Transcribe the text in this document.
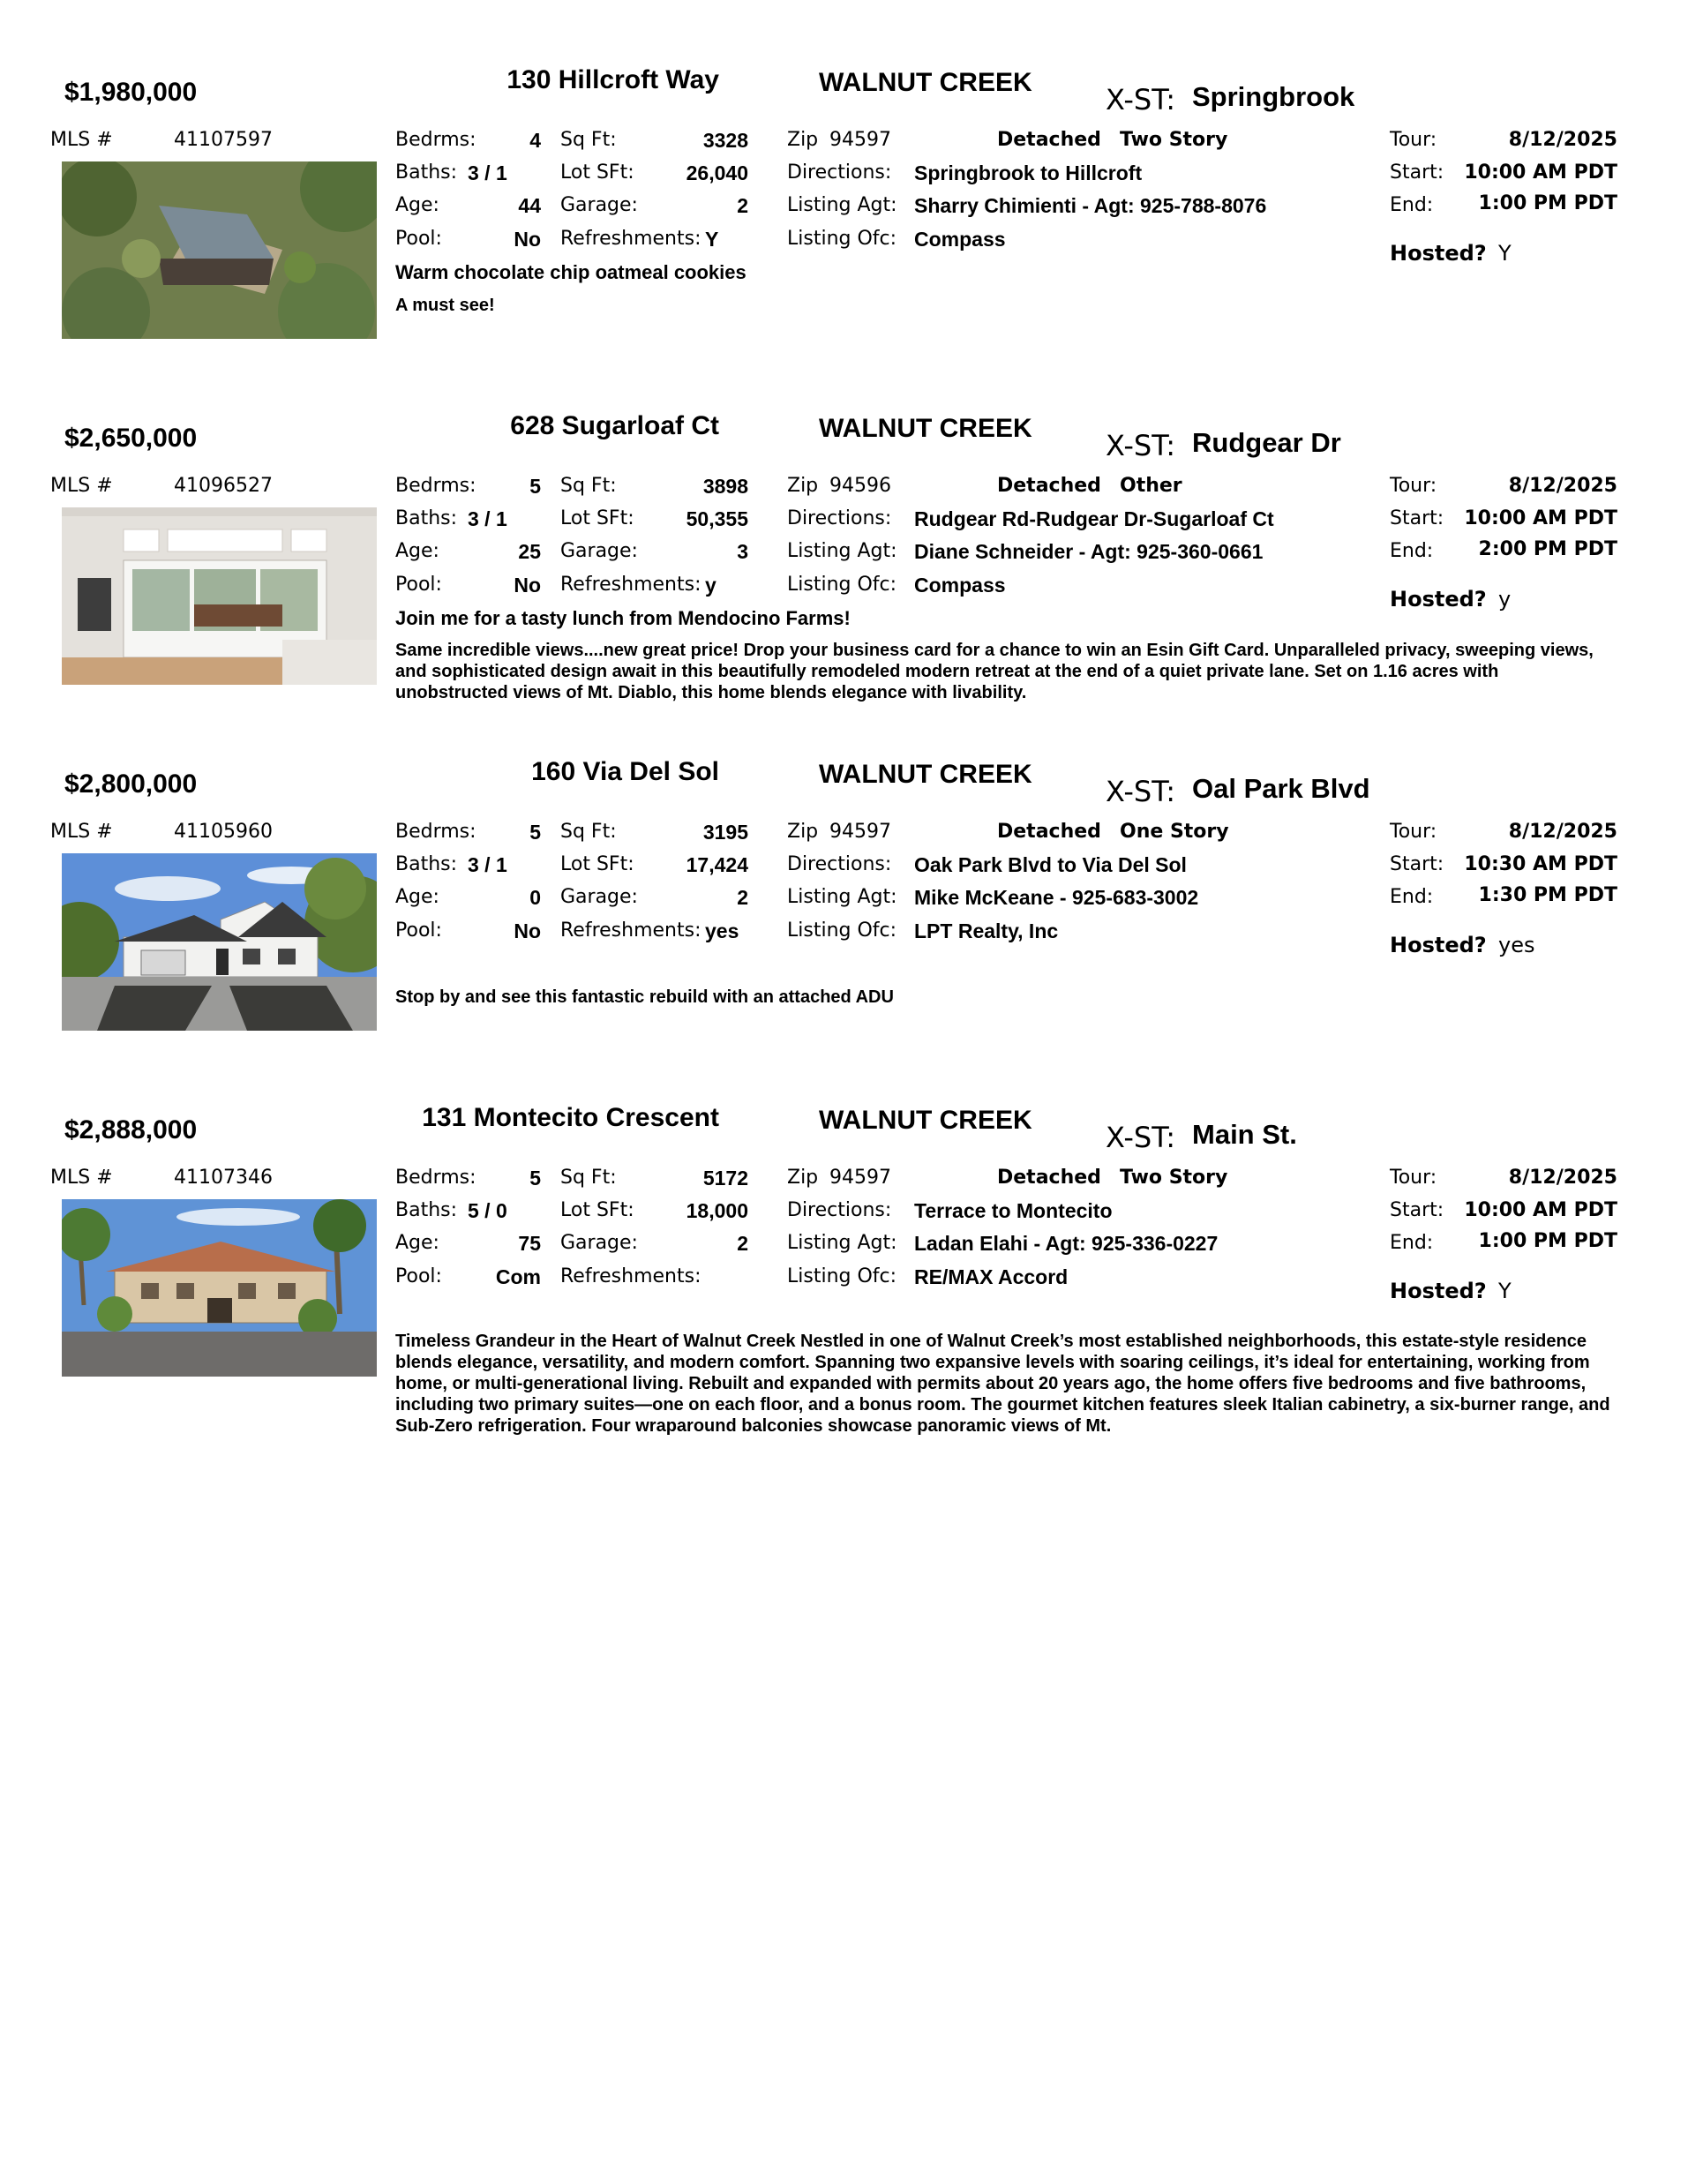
$1,980,000	130 Hillcroft Way	WALNUT CREEK
X-ST: Springbrook
MLS #	41107597	Bedrms:	4 Sq Ft:	3328
Baths: 3 / 1	Lot SFt:	26,040
Age:	44 Garage:	2
Pool:	No Refreshments: Y
Zip 94597	Detached Two Story
Directions: Springbrook to Hillcroft
Listing Agt: Sharry Chimienti - Agt: 925-788-8076
Listing Ofc: Compass
Tour:	8/12/2025
Start:	10:00 AM PDT
End:	1:00 PM PDT
Hosted? Y
Warm chocolate chip oatmeal cookies
A must see!
$2,650,000	628 Sugarloaf Ct	WALNUT CREEK
X-ST: Rudgear Dr
MLS #	41096527	Bedrms:	5 Sq Ft:	3898
Baths: 3 / 1	Lot SFt:	50,355
Age:	25 Garage:	3
Pool:	No Refreshments: y
Zip 94596	Detached Other
Directions: Rudgear Rd-Rudgear Dr-Sugarloaf Ct
Listing Agt: Diane Schneider - Agt: 925-360-0661
Listing Ofc: Compass
Tour:	8/12/2025
Start:	10:00 AM PDT
End:	2:00 PM PDT
Hosted? y
Join me for a tasty lunch from Mendocino Farms!
Same incredible views....new great price! Drop your business card for a chance to win an Esin Gift Card. Unparalleled privacy, sweeping views, and sophisticated design await in this beautifully remodeled modern retreat at the end of a quiet private lane. Set on 1.16 acres with unobstructed views of Mt. Diablo, this home blends elegance with livability.
$2,800,000	160 Via Del Sol	WALNUT CREEK
X-ST: Oal Park Blvd
MLS #	41105960	Bedrms:	5 Sq Ft:	3195
Baths: 3 / 1	Lot SFt:	17,424
Age:	0 Garage:	2
Pool:	No Refreshments: yes
Zip 94597	Detached One Story
Directions: Oak Park Blvd to Via Del Sol
Listing Agt: Mike McKeane - 925-683-3002
Listing Ofc: LPT Realty, Inc
Tour:	8/12/2025
Start:	10:30 AM PDT
End:	1:30 PM PDT
Hosted? yes
Stop by and see this fantastic rebuild with an attached ADU
$2,888,000	131 Montecito Crescent	WALNUT CREEK
X-ST: Main St.
MLS #	41107346	Bedrms:	5 Sq Ft:	5172
Baths: 5 / 0	Lot SFt:	18,000
Age:	75 Garage:	2
Pool:	Com Refreshments:
Zip 94597	Detached Two Story
Directions: Terrace to Montecito
Listing Agt: Ladan Elahi - Agt: 925-336-0227
Listing Ofc: RE/MAX Accord
Tour:	8/12/2025
Start:	10:00 AM PDT
End:	1:00 PM PDT
Hosted? Y
Timeless Grandeur in the Heart of Walnut Creek Nestled in one of Walnut Creek’s most established neighborhoods, this estate-style residence blends elegance, versatility, and modern comfort. Spanning two expansive levels with soaring ceilings, it’s ideal for entertaining, working from home, or multi-generational living. Rebuilt and expanded with permits about 20 years ago, the home offers five bedrooms and five bathrooms, including two primary suites—one on each floor, and a bonus room. The gourmet kitchen features sleek Italian cabinetry, a six-burner range, and Sub-Zero refrigeration. Four wraparound balconies showcase panoramic views of Mt.
